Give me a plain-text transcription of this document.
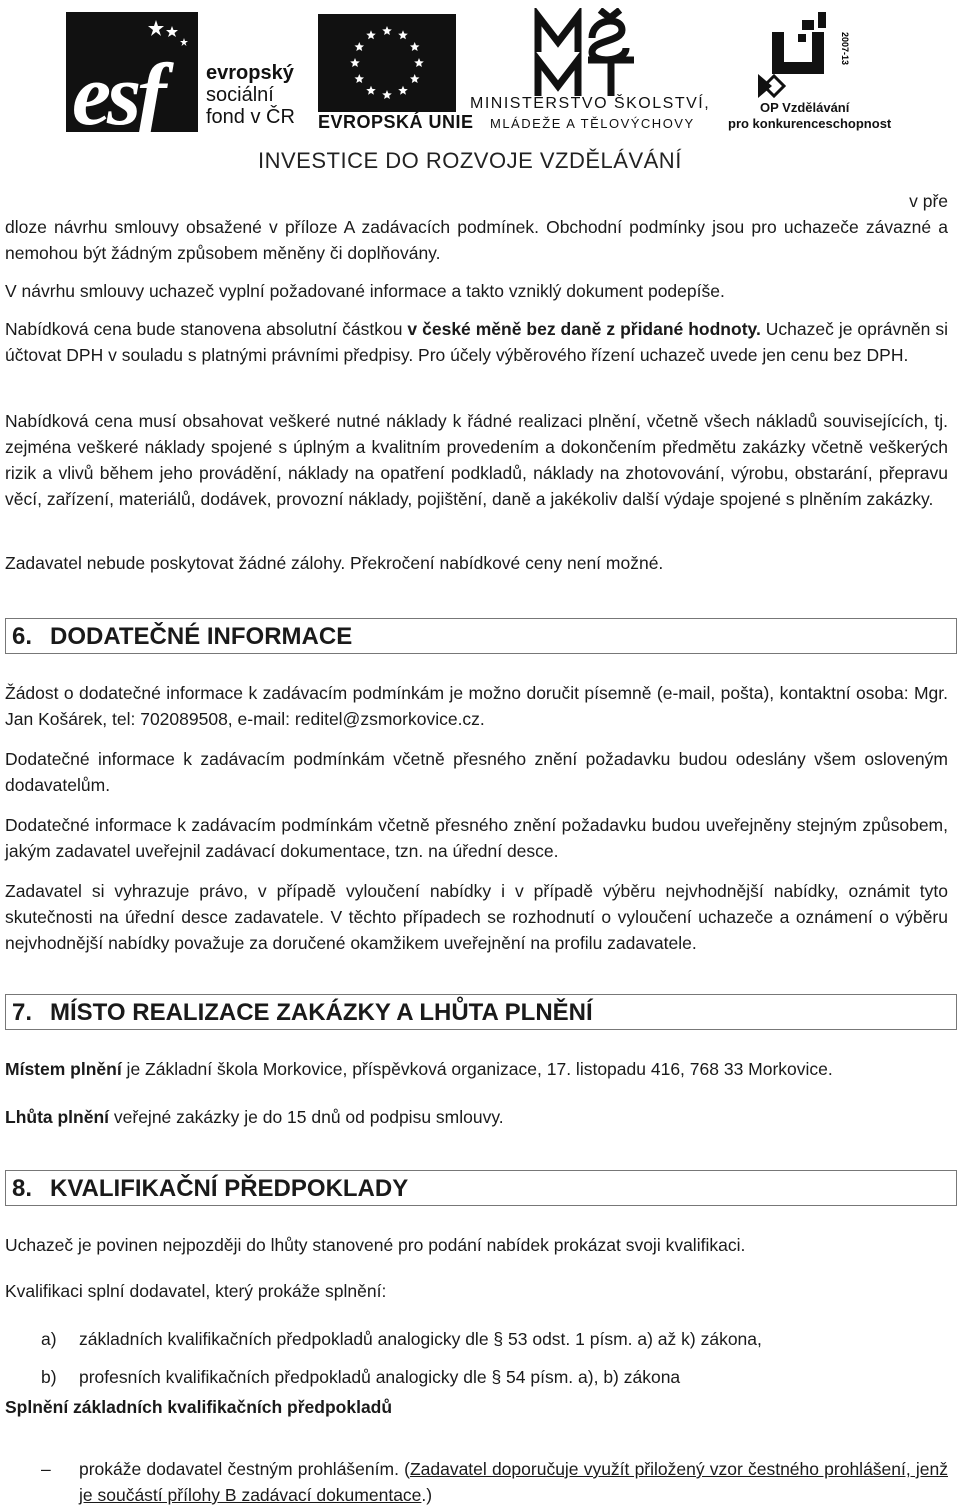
esf evropský
sociální
fond v ČR EVROPSKÁ UNIE
MINISTERSTVO ŠKOLSTVÍ,
MLÁDEŽE A TĚLOVÝCHOVY
2007-13
OP Vzdělávání
pro konkurenceschopnost
INVESTICE DO ROZVOJE VZDĚLÁVÁNÍ
v pře
dloze návrhu smlouvy obsažené v příloze A zadávacích podmínek. Obchodní podmínky jsou pro uchazeče závazné a nemohou být žádným způsobem měněny či doplňovány.
V návrhu smlouvy uchazeč vyplní požadované informace a takto vzniklý dokument podepíše.
Nabídková cena bude stanovena absolutní částkou v české měně bez daně z přidané hodnoty. Uchazeč je oprávněn si účtovat DPH v souladu s platnými právními předpisy. Pro účely výběrového řízení uchazeč uvede jen cenu bez DPH.
Nabídková cena musí obsahovat veškeré nutné náklady k řádné realizaci plnění, včetně všech nákladů souvisejících, tj. zejména veškeré náklady spojené s úplným a kvalitním provedením a dokončením předmětu zakázky včetně veškerých rizik a vlivů během jeho provádění, náklady na opatření podkladů, náklady na zhotovování, výrobu, obstarání, přepravu věcí, zařízení, materiálů, dodávek, provozní náklady, pojištění, daně a jakékoliv další výdaje spojené s plněním zakázky.
Zadavatel nebude poskytovat žádné zálohy. Překročení nabídkové ceny není možné.
6. DODATEČNÉ INFORMACE
Žádost o dodatečné informace k zadávacím podmínkám je možno doručit písemně (e-mail, pošta), kontaktní osoba: Mgr. Jan Košárek, tel: 702089508, e-mail: reditel@zsmorkovice.cz.
Dodatečné informace k zadávacím podmínkám včetně přesného znění požadavku budou odeslány všem osloveným dodavatelům.
Dodatečné informace k zadávacím podmínkám včetně přesného znění požadavku budou uveřejněny stejným způsobem, jakým zadavatel uveřejnil zadávací dokumentace, tzn. na úřední desce.
Zadavatel si vyhrazuje právo, v případě vyloučení nabídky i v případě výběru nejvhodnější nabídky, oznámit tyto skutečnosti na úřední desce zadavatele. V těchto případech se rozhodnutí o vyloučení uchazeče a oznámení o výběru nejvhodnější nabídky považuje za doručené okamžikem uveřejnění na profilu zadavatele.
7. MÍSTO REALIZACE ZAKÁZKY A LHŮTA PLNĚNÍ
Místem plnění je Základní škola Morkovice, příspěvková organizace, 17. listopadu 416, 768 33 Morkovice.
Lhůta plnění veřejné zakázky je do 15 dnů od podpisu smlouvy.
8. KVALIFIKAČNÍ PŘEDPOKLADY
Uchazeč je povinen nejpozději do lhůty stanovené pro podání nabídek prokázat svoji kvalifikaci.
Kvalifikaci splní dodavatel, který prokáže splnění:
a) základních kvalifikačních předpokladů analogicky dle § 53 odst. 1 písm. a) až k) zákona,
b) profesních kvalifikačních předpokladů analogicky dle § 54 písm. a), b) zákona
Splnění základních kvalifikačních předpokladů
– prokáže dodavatel čestným prohlášením. (Zadavatel doporučuje využít přiložený vzor čestného prohlášení, jenž je součástí přílohy B zadávací dokumentace.)
